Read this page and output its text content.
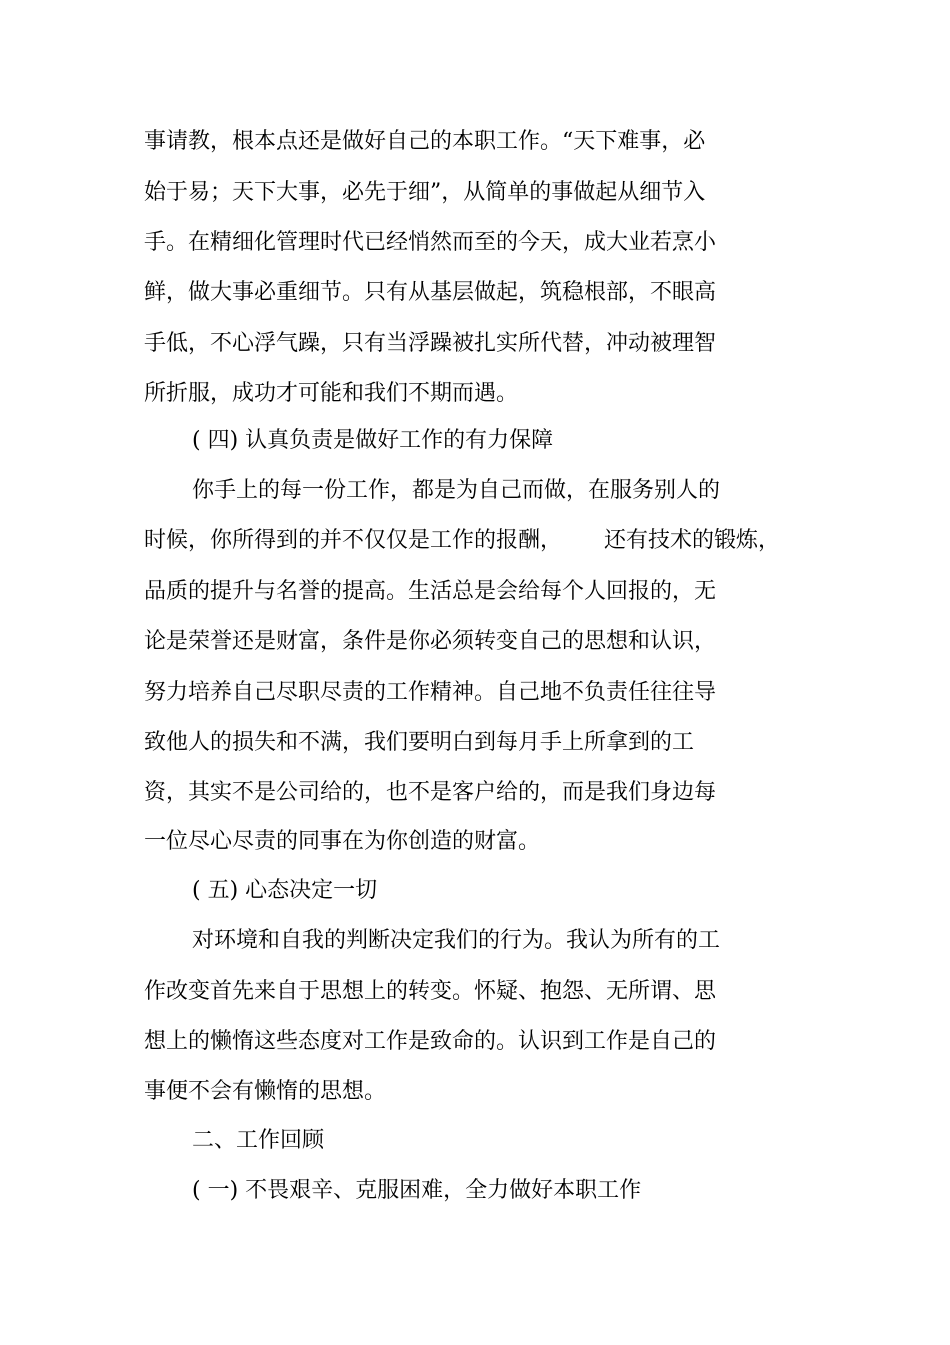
事请教，根本点还是做好自己的本职工作。“天下难事，必
始于易；天下大事，必先于细”，从简单的事做起从细节入
手。在精细化管理时代已经悄然而至的今天，成大业若烹小
鲜，做大事必重细节。只有从基层做起，筑稳根部，不眼高
手低，不心浮气躁，只有当浮躁被扎实所代替，冲动被理智
所折服，成功才可能和我们不期而遇。
( 四) 认真负责是做好工作的有力保障
你手上的每一份工作，都是为自己而做，在服务别人的
时候，你所得到的并不仅仅是工作的报酬，      还有技术的锻炼，
品质的提升与名誉的提高。生活总是会给每个人回报的，无
论是荣誉还是财富，条件是你必须转变自己的思想和认识，
努力培养自己尽职尽责的工作精神。自己地不负责任往往导
致他人的损失和不满，我们要明白到每月手上所拿到的工
资，其实不是公司给的，也不是客户给的，而是我们身边每
一位尽心尽责的同事在为你创造的财富。
( 五) 心态决定一切
对环境和自我的判断决定我们的行为。我认为所有的工
作改变首先来自于思想上的转变。怀疑、抱怨、无所谓、思
想上的懒惰这些态度对工作是致命的。认识到工作是自己的
事便不会有懒惰的思想。
二、工作回顾
( 一) 不畏艰辛、克服困难，全力做好本职工作
